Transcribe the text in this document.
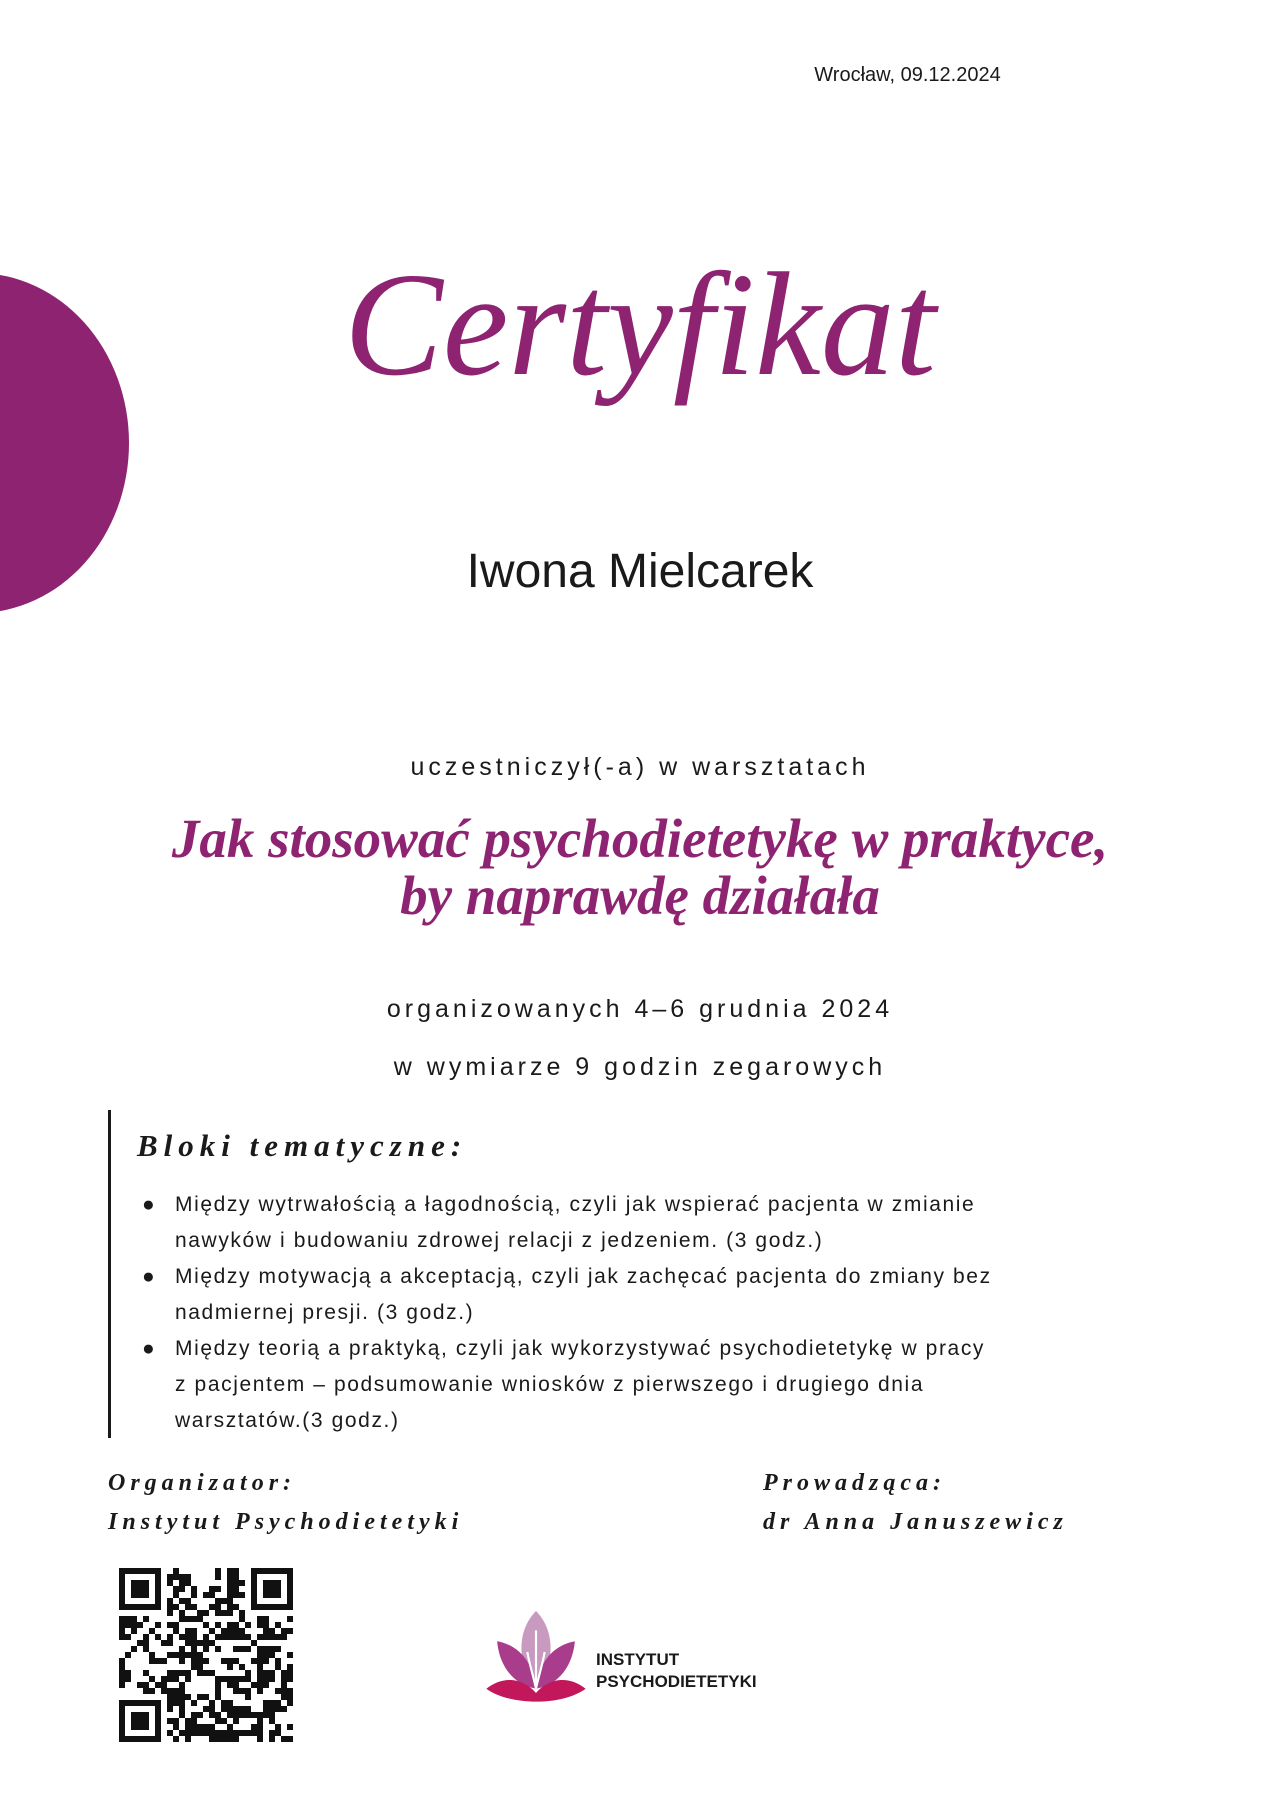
Wrocław, 09.12.2024
Certyfikat
Iwona Mielcarek
uczestniczył(-a) w warsztatach
Jak stosować psychodietetykę w praktyce,
by naprawdę działała
organizowanych 4–6 grudnia 2024
w wymiarze 9 godzin zegarowych
Bloki tematyczne:
● Między wytrwałością a łagodnością, czyli jak wspierać pacjenta w zmianie
nawyków i budowaniu zdrowej relacji z jedzeniem. (3 godz.)
● Między motywacją a akceptacją, czyli jak zachęcać pacjenta do zmiany bez
nadmiernej presji. (3 godz.)
● Między teorią a praktyką, czyli jak wykorzystywać psychodietetykę w pracy
z pacjentem – podsumowanie wniosków z pierwszego i drugiego dnia
warsztatów.(3 godz.)
Organizator:
Instytut Psychodietetyki
Prowadząca:
dr Anna Januszewicz
INSTYTUT
PSYCHODIETETYKI
